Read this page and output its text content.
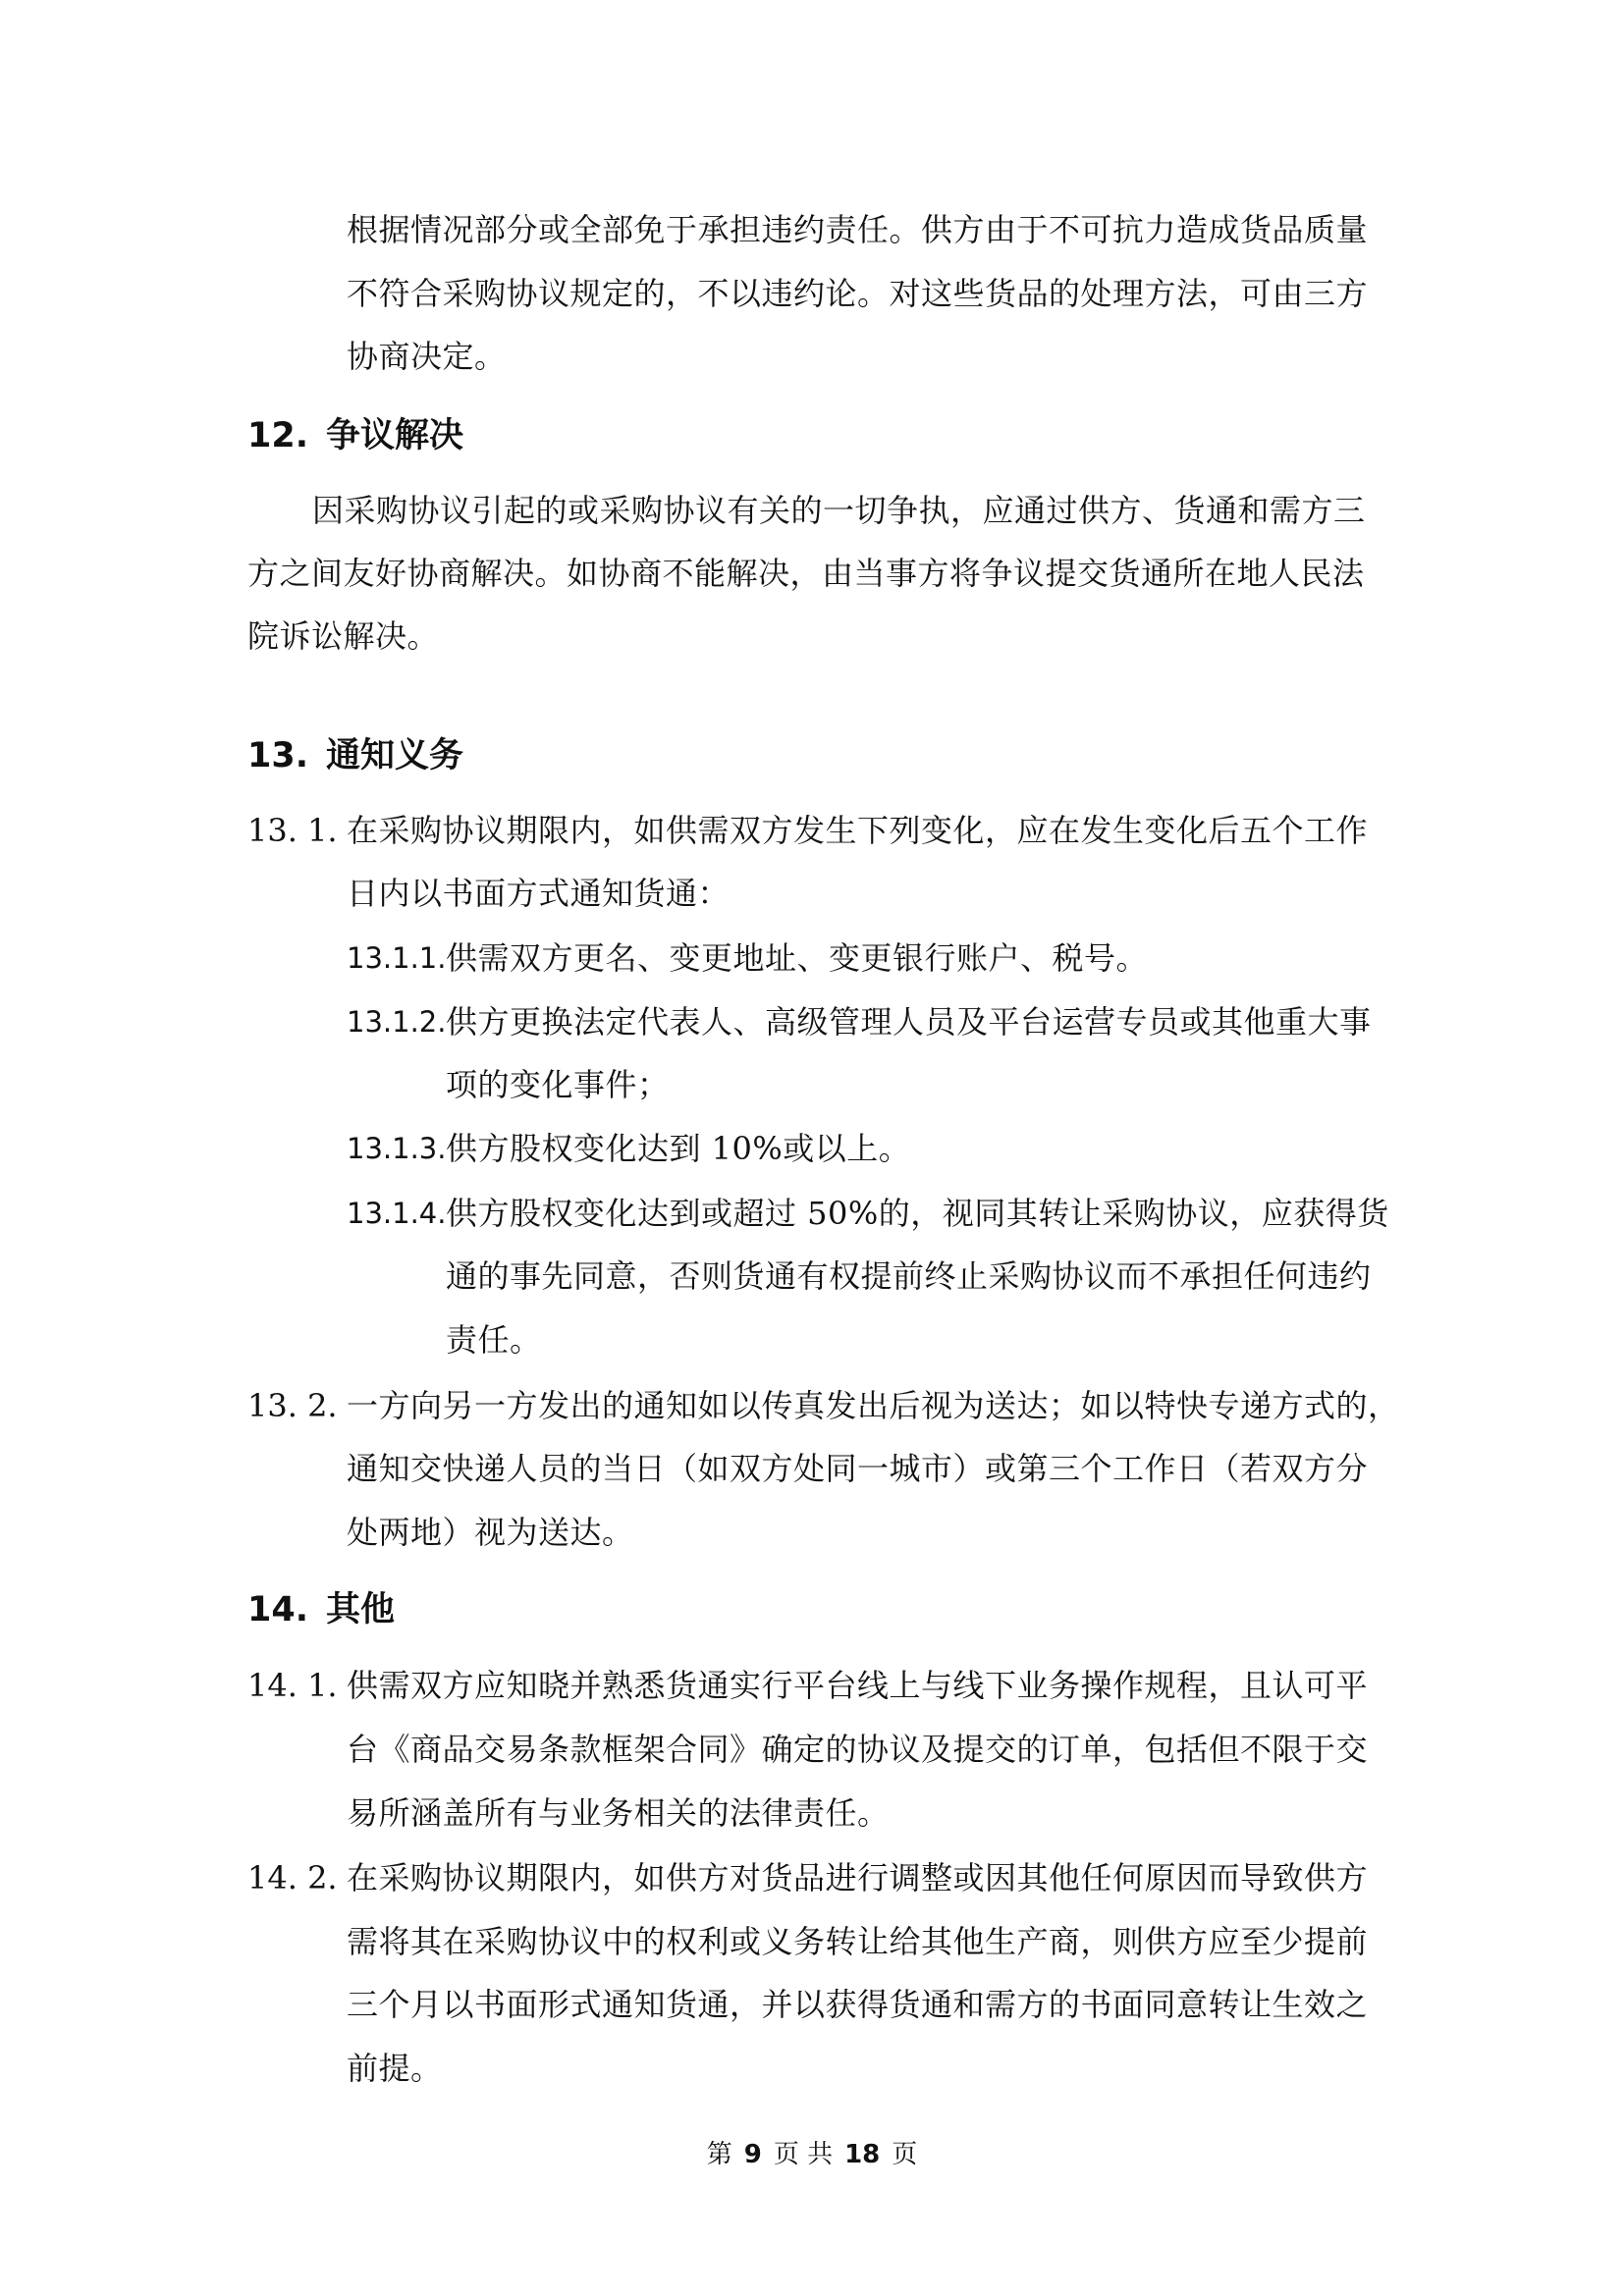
根据情况部分或全部免于承担违约责任。供方由于不可抗力造成货品质量
不符合采购协议规定的，不以违约论。对这些货品的处理方法，可由三方
协商决定。
12. 争议解决
因采购协议引起的或采购协议有关的一切争执，应通过供方、货通和需方三
方之间友好协商解决。如协商不能解决，由当事方将争议提交货通所在地人民法
院诉讼解决。
13. 通知义务
13. 1. 在采购协议期限内，如供需双方发生下列变化，应在发生变化后五个工作
日内以书面方式通知货通：
13.1.1. 供需双方更名、变更地址、变更银行账户、税号。
13.1.2. 供方更换法定代表人、高级管理人员及平台运营专员或其他重大事
项的变化事件；
13.1.3. 供方股权变化达到 10%或以上。
13.1.4. 供方股权变化达到或超过 50%的，视同其转让采购协议，应获得货
通的事先同意，否则货通有权提前终止采购协议而不承担任何违约
责任。
13. 2. 一方向另一方发出的通知如以传真发出后视为送达；如以特快专递方式的，
通知交快递人员的当日（如双方处同一城市）或第三个工作日（若双方分
处两地）视为送达。
14. 其他
14. 1. 供需双方应知晓并熟悉货通实行平台线上与线下业务操作规程，且认可平
台《商品交易条款框架合同》确定的协议及提交的订单，包括但不限于交
易所涵盖所有与业务相关的法律责任。
14. 2. 在采购协议期限内，如供方对货品进行调整或因其他任何原因而导致供方
需将其在采购协议中的权利或义务转让给其他生产商，则供方应至少提前
三个月以书面形式通知货通，并以获得货通和需方的书面同意转让生效之
前提。
第 9 页 共 18 页
